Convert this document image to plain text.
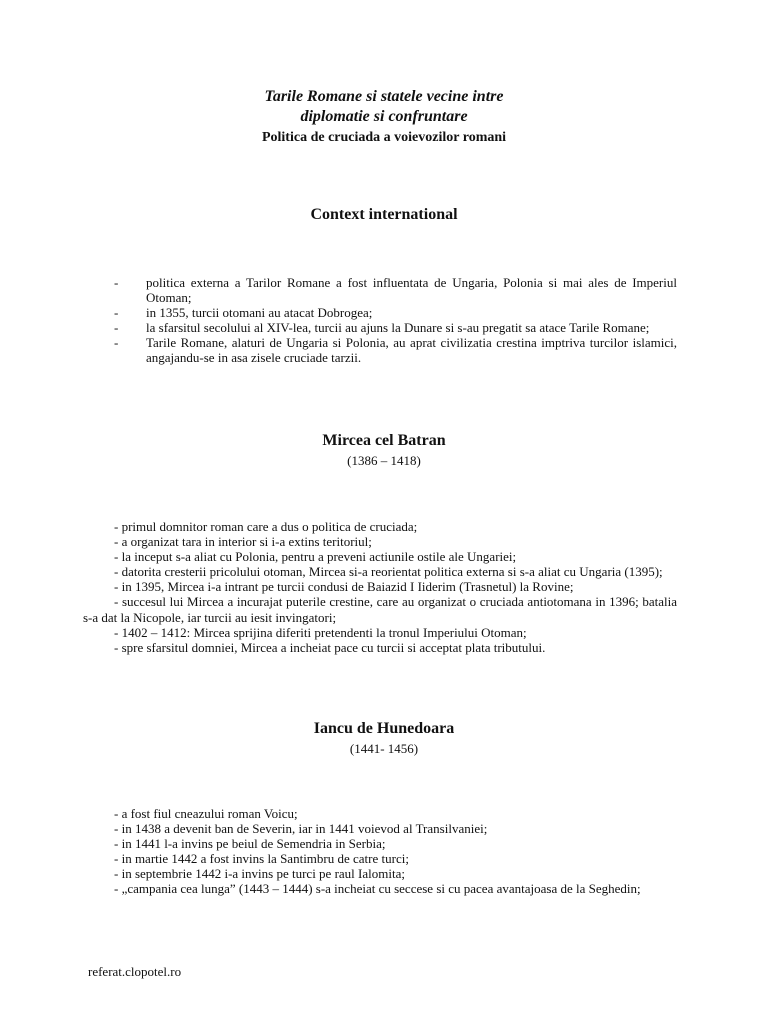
Tarile Romane si statele vecine intre
diplomatie si confruntare
Politica de cruciada a voievozilor romani
Context international
- politica externa a Tarilor Romane a fost influentata de Ungaria, Polonia si mai ales de Imperiul Otoman;
- in 1355, turcii otomani au atacat Dobrogea;
- la sfarsitul secolului al XIV-lea, turcii au ajuns la Dunare si s-au pregatit sa atace Tarile Romane;
- Tarile Romane, alaturi de Ungaria si Polonia, au aprat civilizatia crestina imptriva turcilor islamici, angajandu-se in asa zisele cruciade tarzii.
Mircea cel Batran
(1386 – 1418)
- primul domnitor roman care a dus o politica de cruciada;
- a organizat tara in interior si i-a extins teritoriul;
- la inceput s-a aliat cu Polonia, pentru a preveni actiunile ostile ale Ungariei;
- datorita cresterii pricolului otoman, Mircea si-a reorientat politica externa si s-a aliat cu Ungaria (1395);
- in 1395, Mircea i-a intrant pe turcii condusi de Baiazid I Iiderim (Trasnetul) la Rovine;
- succesul lui Mircea a incurajat puterile crestine, care au organizat o cruciada antiotomana in 1396; batalia s-a dat la Nicopole, iar turcii au iesit invingatori;
- 1402 – 1412: Mircea sprijina diferiti pretendenti la tronul Imperiului Otoman;
- spre sfarsitul domniei, Mircea a incheiat pace cu turcii si acceptat plata tributului.
Iancu de Hunedoara
(1441- 1456)
- a fost fiul cneazului roman Voicu;
- in 1438 a devenit ban de Severin, iar in 1441 voievod al Transilvaniei;
- in 1441 l-a invins pe beiul de Semendria in Serbia;
- in martie 1442 a fost invins la Santimbru de catre turci;
- in septembrie 1442 i-a invins pe turci pe raul Ialomita;
- „campania cea lunga” (1443 – 1444) s-a incheiat cu seccese si cu pacea avantajoasa de la Seghedin;
referat.clopotel.ro
